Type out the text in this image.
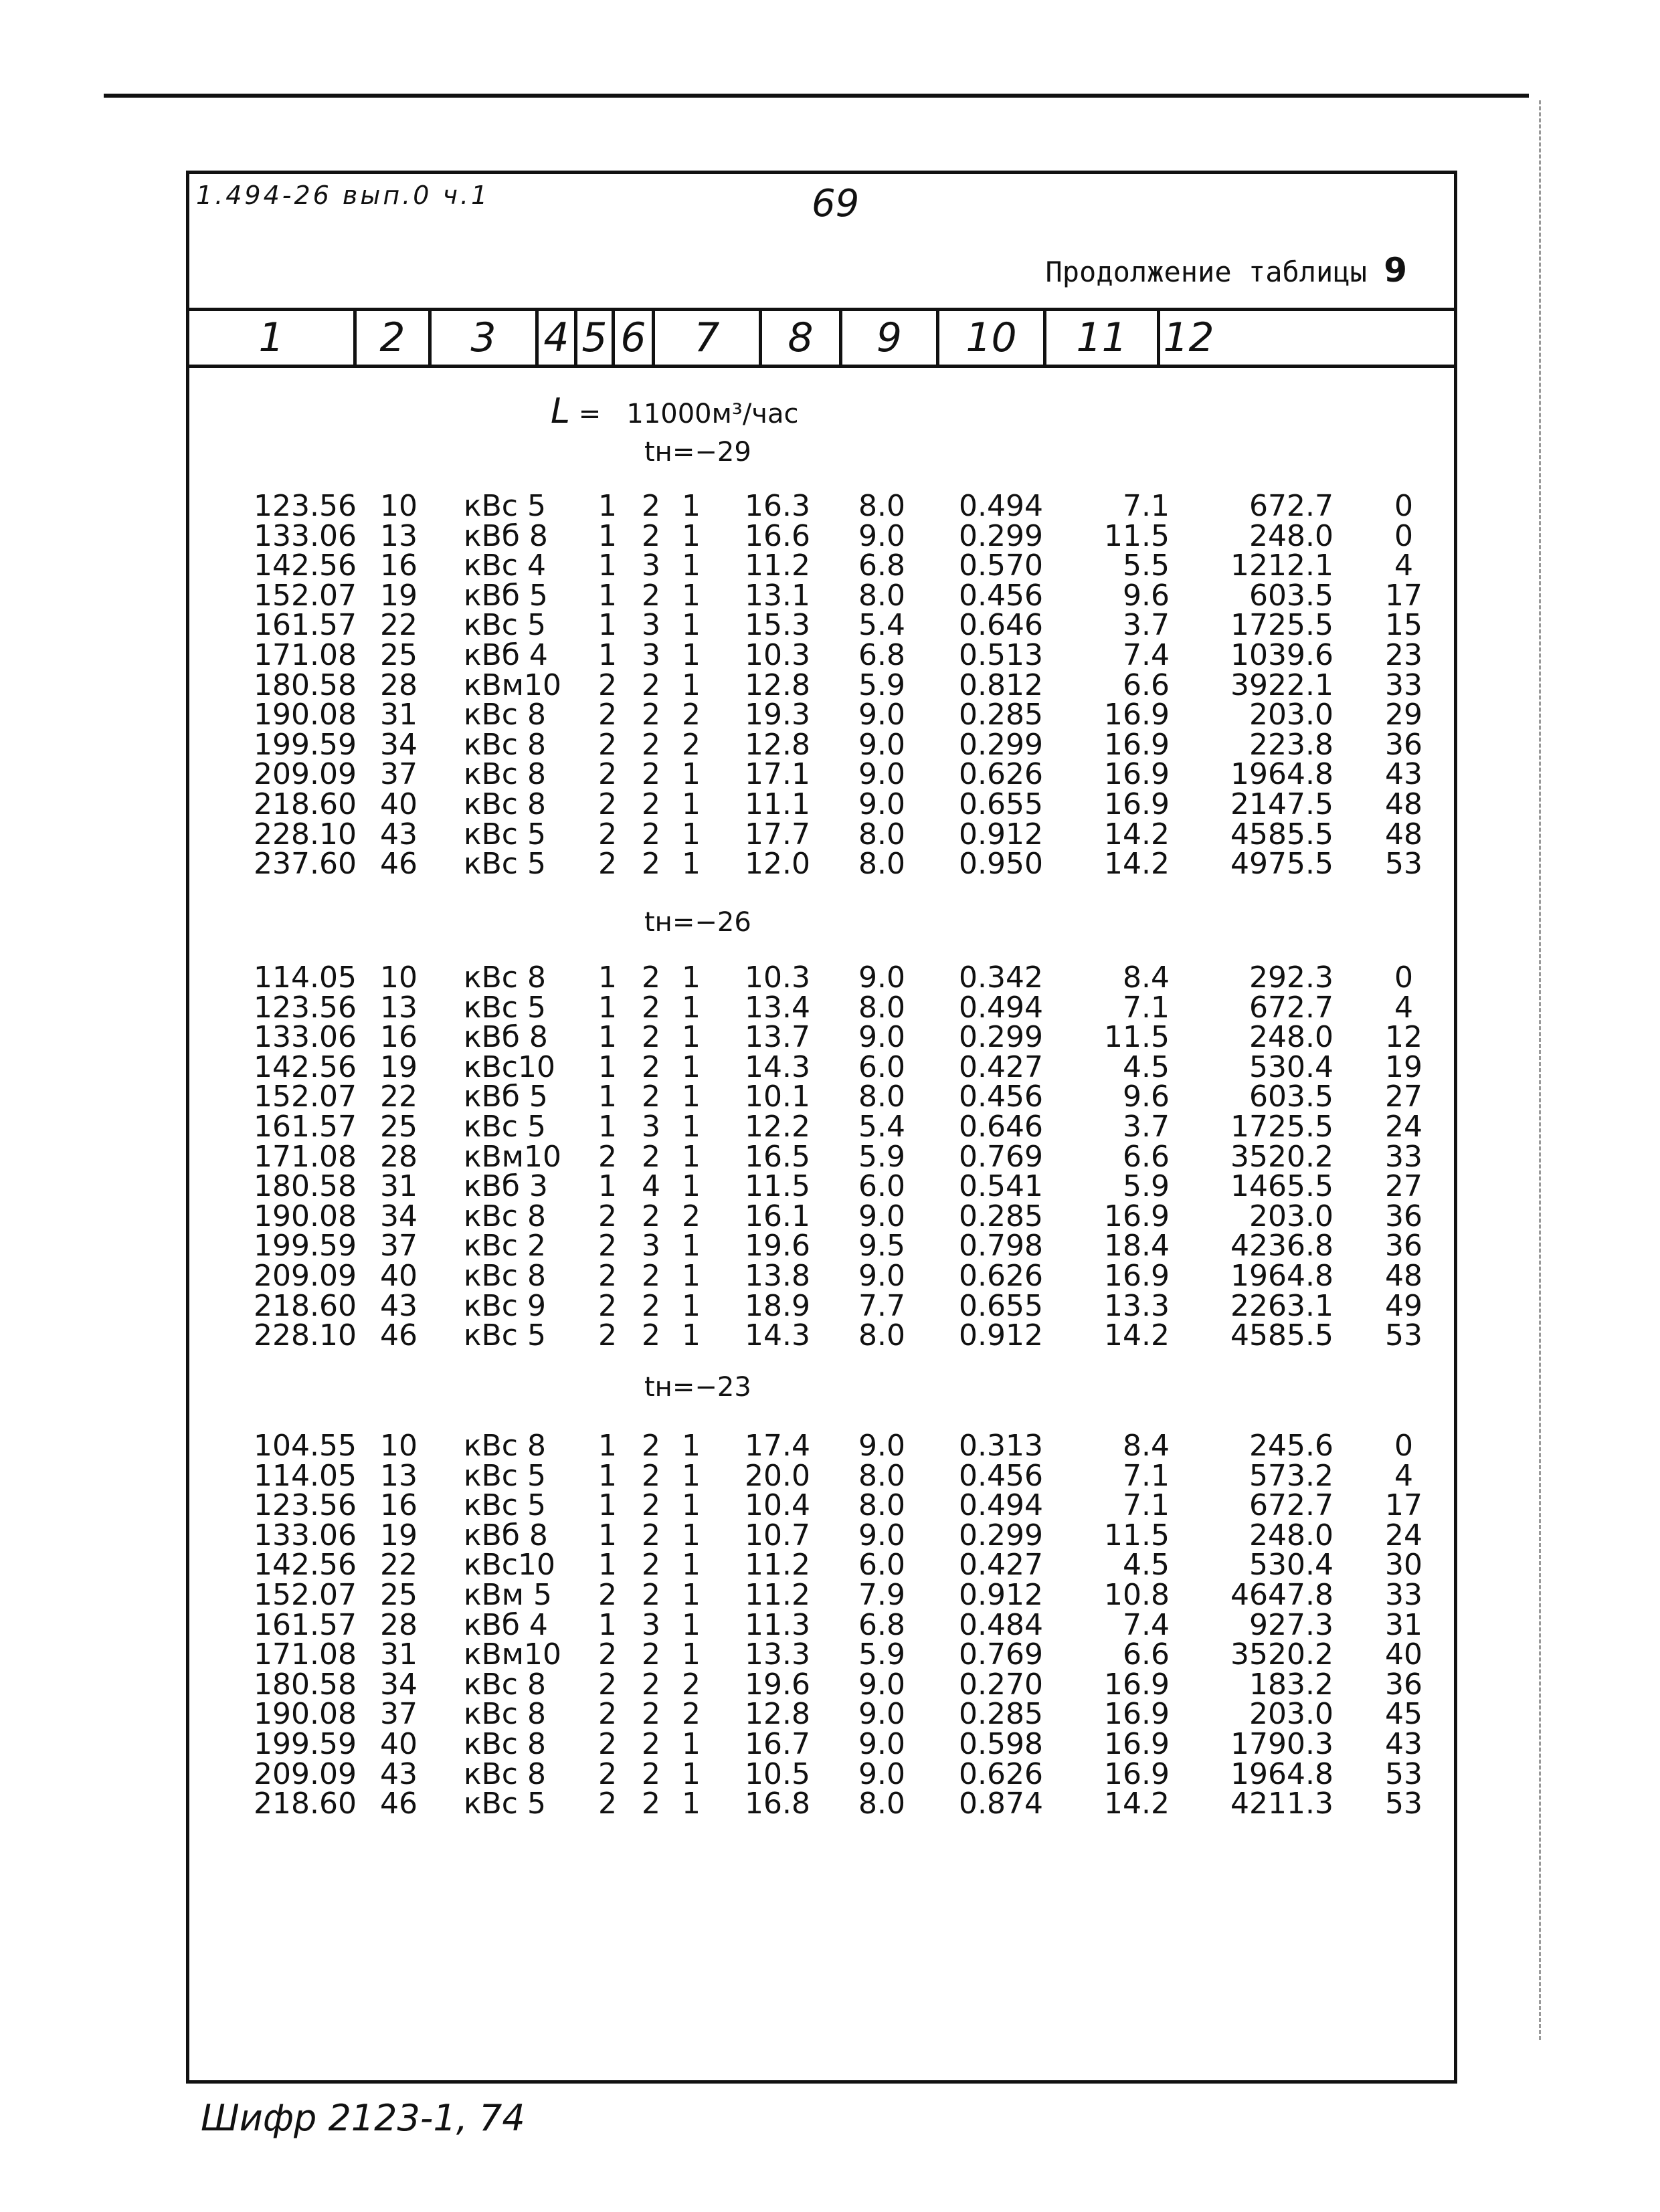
1.494-26 вып.0 ч.1	69
Продолжение таблицы 9
1	2	3	4 5 6	7	8	9	10	11 12
L = 11000м³/час
tн=−29
123.56 10	кВс 5	1 2 1 16.3	8.0	0.494	7.1	672.7	0
133.06 13	кВб 8	1 2 1 16.6	9.0	0.299	11.5	248.0	0
142.56 16	кВс 4	1 3 1 11.2	6.8	0.570	5.5	1212.1	4
152.07 19	кВб 5	1 2 1 13.1	8.0	0.456	9.6	603.5	17
161.57 22	кВс 5	1 3 1 15.3	5.4	0.646	3.7	1725.5	15
171.08 25	кВб 4	1 3 1 10.3	6.8	0.513	7.4	1039.6	23
180.58 28	кВм10 2 2 1 12.8	5.9	0.812	6.6	3922.1	33
190.08 31	кВс 8	2 2 2 19.3	9.0	0.285	16.9	203.0	29
199.59 34	кВс 8	2 2 2 12.8	9.0	0.299	16.9	223.8	36
209.09 37	кВс 8	2 2 1 17.1	9.0	0.626	16.9	1964.8	43
218.60 40	кВс 8	2 2 1 11.1	9.0	0.655	16.9	2147.5	48
228.10 43	кВс 5	2 2 1 17.7	8.0	0.912	14.2	4585.5	48
237.60 46	кВс 5	2 2 1 12.0	8.0	0.950	14.2	4975.5	53
tн=−26
114.05 10	кВс 8	1 2 1 10.3	9.0	0.342	8.4	292.3	0
123.56 13	кВс 5	1 2 1 13.4	8.0	0.494	7.1	672.7	4
133.06 16	кВб 8	1 2 1 13.7	9.0	0.299	11.5	248.0	12
142.56 19	кВс10 1 2 1 14.3	6.0	0.427	4.5	530.4	19
152.07 22	кВб 5	1 2 1 10.1	8.0	0.456	9.6	603.5	27
161.57 25	кВс 5	1 3 1 12.2	5.4	0.646	3.7	1725.5	24
171.08 28	кВм10 2 2 1 16.5	5.9	0.769	6.6	3520.2	33
180.58 31	кВб 3	1 4 1 11.5	6.0	0.541	5.9	1465.5	27
190.08 34	кВс 8	2 2 2 16.1	9.0	0.285	16.9	203.0	36
199.59 37	кВс 2	2 3 1 19.6	9.5	0.798	18.4	4236.8	36
209.09 40	кВс 8	2 2 1 13.8	9.0	0.626	16.9	1964.8	48
218.60 43	кВс 9	2 2 1 18.9	7.7	0.655	13.3	2263.1	49
228.10 46	кВс 5	2 2 1 14.3	8.0	0.912	14.2	4585.5	53
tн=−23
104.55 10	кВс 8	1 2 1 17.4	9.0	0.313	8.4	245.6	0
114.05 13	кВс 5	1 2 1 20.0	8.0	0.456	7.1	573.2	4
123.56 16	кВс 5	1 2 1 10.4	8.0	0.494	7.1	672.7	17
133.06 19	кВб 8	1 2 1 10.7	9.0	0.299	11.5	248.0	24
142.56 22	кВс10 1 2 1 11.2	6.0	0.427	4.5	530.4	30
152.07 25	кВм 5	2 2 1 11.2	7.9	0.912	10.8	4647.8	33
161.57 28	кВб 4	1 3 1 11.3	6.8	0.484	7.4	927.3	31
171.08 31	кВм10 2 2 1 13.3	5.9	0.769	6.6	3520.2	40
180.58 34	кВс 8	2 2 2 19.6	9.0	0.270	16.9	183.2	36
190.08 37	кВс 8	2 2 2 12.8	9.0	0.285	16.9	203.0	45
199.59 40	кВс 8	2 2 1 16.7	9.0	0.598	16.9	1790.3	43
209.09 43	кВс 8	2 2 1 10.5	9.0	0.626	16.9	1964.8	53
218.60 46	кВс 5	2 2 1 16.8	8.0	0.874	14.2	4211.3	53
Шифр 2123-1, 74
